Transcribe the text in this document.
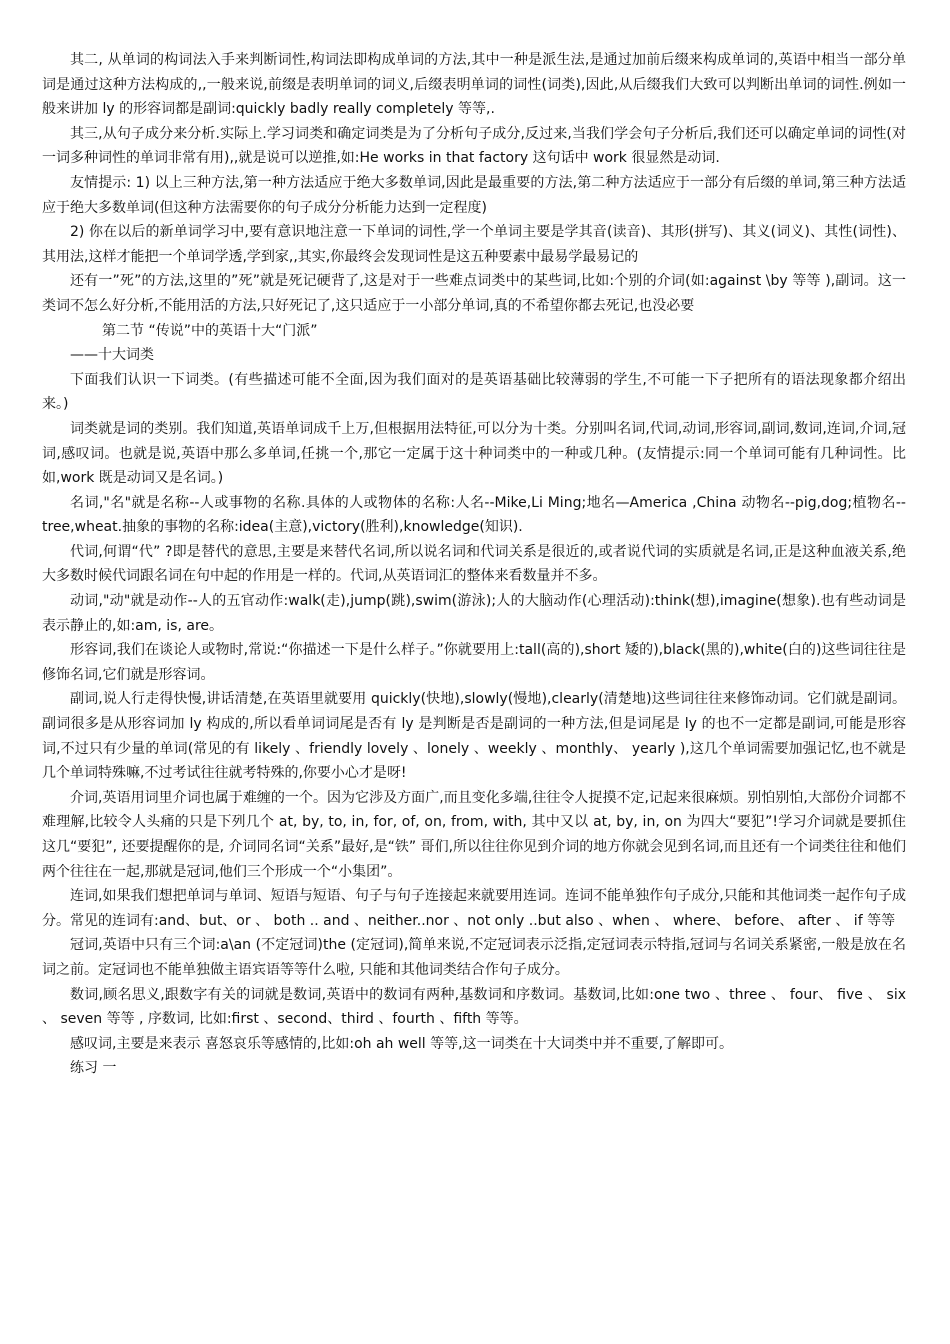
其二, 从单词的构词法入手来判断词性,构词法即构成单词的方法,其中一种是派生法,是通过加前后缀来构成单词的,英语中相当一部分单词是通过这种方法构成的,,一般来说,前缀是表明单词的词义,后缀表明单词的词性(词类),因此,从后缀我们大致可以判断出单词的词性.例如一般来讲加 ly 的形容词都是副词:quickly badly really completely 等等,.

其三,从句子成分来分析.实际上.学习词类和确定词类是为了分析句子成分,反过来,当我们学会句子分析后,我们还可以确定单词的词性(对一词多种词性的单词非常有用),,就是说可以逆推,如:He works in that factory 这句话中 work 很显然是动词.

友情提示: 1) 以上三种方法,第一种方法适应于绝大多数单词,因此是最重要的方法,第二种方法适应于一部分有后缀的单词,第三种方法适应于绝大多数单词(但这种方法需要你的句子成分分析能力达到一定程度)

2) 你在以后的新单词学习中,要有意识地注意一下单词的词性,学一个单词主要是学其音(读音)、其形(拼写)、其义(词义)、其性(词性)、其用法,这样才能把一个单词学透,学到家,,其实,你最终会发现词性是这五种要素中最易学最易记的

还有一”死”的方法,这里的”死”就是死记硬背了,这是对于一些难点词类中的某些词,比如:个别的介词(如:against \by 等等 ),副词。这一类词不怎么好分析,不能用活的方法,只好死记了,这只适应于一小部分单词,真的不希望你都去死记,也没必要

第二节 “传说”中的英语十大“门派”

——十大词类

下面我们认识一下词类。(有些描述可能不全面,因为我们面对的是英语基础比较薄弱的学生,不可能一下子把所有的语法现象都介绍出来。)

词类就是词的类别。我们知道,英语单词成千上万,但根据用法特征,可以分为十类。分别叫名词,代词,动词,形容词,副词,数词,连词,介词,冠词,感叹词。也就是说,英语中那么多单词,任挑一个,那它一定属于这十种词类中的一种或几种。(友情提示:同一个单词可能有几种词性。比如,work 既是动词又是名词。)

名词,"名"就是名称--人或事物的名称.具体的人或物体的名称:人名--Mike,Li Ming;地名—America ,China 动物名--pig,dog;植物名--tree,wheat.抽象的事物的名称:idea(主意),victory(胜利),knowledge(知识).

代词,何谓“代” ?即是替代的意思,主要是来替代名词,所以说名词和代词关系是很近的,或者说代词的实质就是名词,正是这种血液关系,绝大多数时候代词跟名词在句中起的作用是一样的。代词,从英语词汇的整体来看数量并不多。

动词,"动"就是动作--人的五官动作:walk(走),jump(跳),swim(游泳);人的大脑动作(心理活动):think(想),imagine(想象).也有些动词是表示静止的,如:am, is, are。

形容词,我们在谈论人或物时,常说:“你描述一下是什么样子。”你就要用上:tall(高的),short 矮的),black(黑的),white(白的)这些词往往是修饰名词,它们就是形容词。

副词,说人行走得快慢,讲话清楚,在英语里就要用 quickly(快地),slowly(慢地),clearly(清楚地)这些词往往来修饰动词。它们就是副词。副词很多是从形容词加 ly 构成的,所以看单词词尾是否有 ly 是判断是否是副词的一种方法,但是词尾是 ly 的也不一定都是副词,可能是形容词,不过只有少量的单词(常见的有 likely 、friendly lovely 、lonely 、weekly 、monthly、 yearly ),这几个单词需要加强记忆,也不就是几个单词特殊嘛,不过考试往往就考特殊的,你要小心才是呀!

介词,英语用词里介词也属于难缠的一个。因为它涉及方面广,而且变化多端,往往令人捉摸不定,记起来很麻烦。别怕别怕,大部份介词都不难理解,比较令人头痛的只是下列几个 at, by, to, in, for, of, on, from, with, 其中又以 at, by, in, on 为四大“要犯”!学习介词就是要抓住这几“要犯”, 还要提醒你的是, 介词同名词“关系”最好,是“铁” 哥们,所以往往你见到介词的地方你就会见到名词,而且还有一个词类往往和他们两个往往在一起,那就是冠词,他们三个形成一个“小集团”。

连词,如果我们想把单词与单词、短语与短语、句子与句子连接起来就要用连词。连词不能单独作句子成分,只能和其他词类一起作句子成分。常见的连词有:and、but、or 、 both .. and 、neither..nor 、not only ..but also 、when 、 where、 before、 after 、 if 等等

冠词,英语中只有三个词:a\an (不定冠词)the (定冠词),简单来说,不定冠词表示泛指,定冠词表示特指,冠词与名词关系紧密,一般是放在名词之前。定冠词也不能单独做主语宾语等等什么啦, 只能和其他词类结合作句子成分。

数词,顾名思义,跟数字有关的词就是数词,英语中的数词有两种,基数词和序数词。基数词,比如:one two 、three 、 four、 five 、 six 、 seven 等等 , 序数词, 比如:first 、second、third 、fourth 、fifth 等等。

感叹词,主要是来表示 喜怒哀乐等感情的,比如:oh ah well 等等,这一词类在十大词类中并不重要,了解即可。

练习 一
